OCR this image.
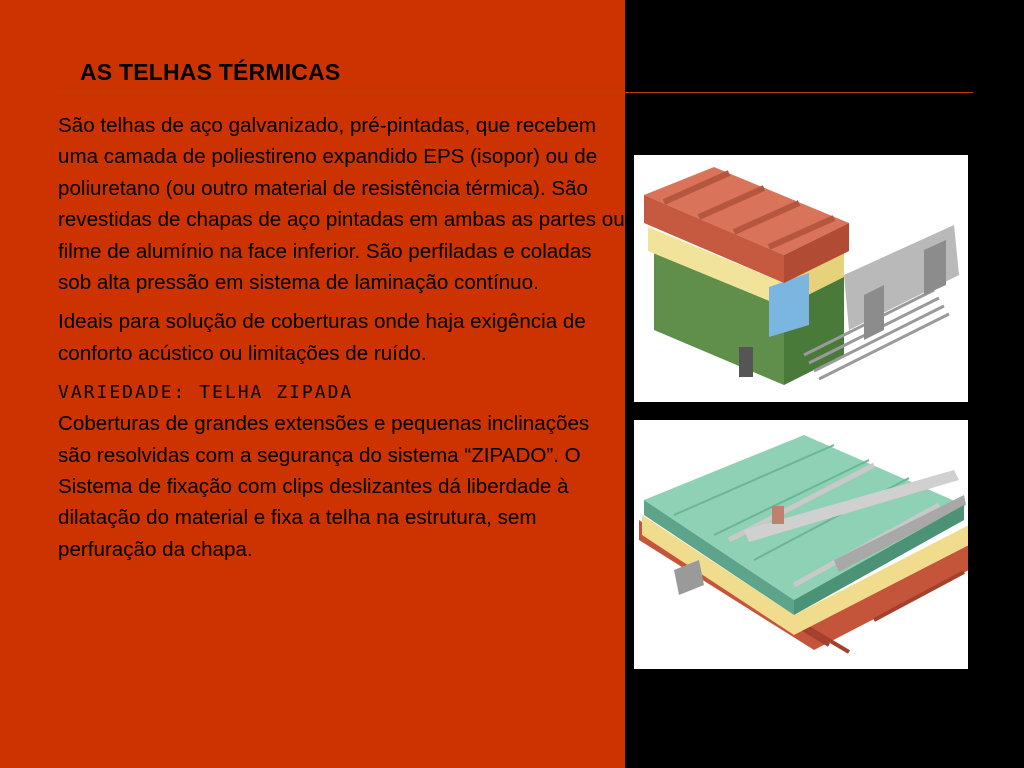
AS TELHAS TÉRMICAS

São telhas de aço galvanizado, pré-pintadas, que recebem uma camada de poliestireno expandido EPS (isopor) ou de poliuretano (ou outro material de resistência térmica). São revestidas de chapas de aço pintadas em ambas as partes ou filme de alumínio na face inferior. São perfiladas e coladas sob alta pressão em sistema de laminação contínuo.

Ideais para solução de coberturas onde haja exigência de conforto acústico ou limitações de ruído.

VARIEDADE: TELHA ZIPADA

Coberturas de grandes extensões e pequenas inclinações são resolvidas com a segurança do sistema “ZIPADO”. O Sistema de fixação com clips deslizantes dá liberdade à dilatação do material e fixa a telha na estrutura, sem perfuração da chapa.
